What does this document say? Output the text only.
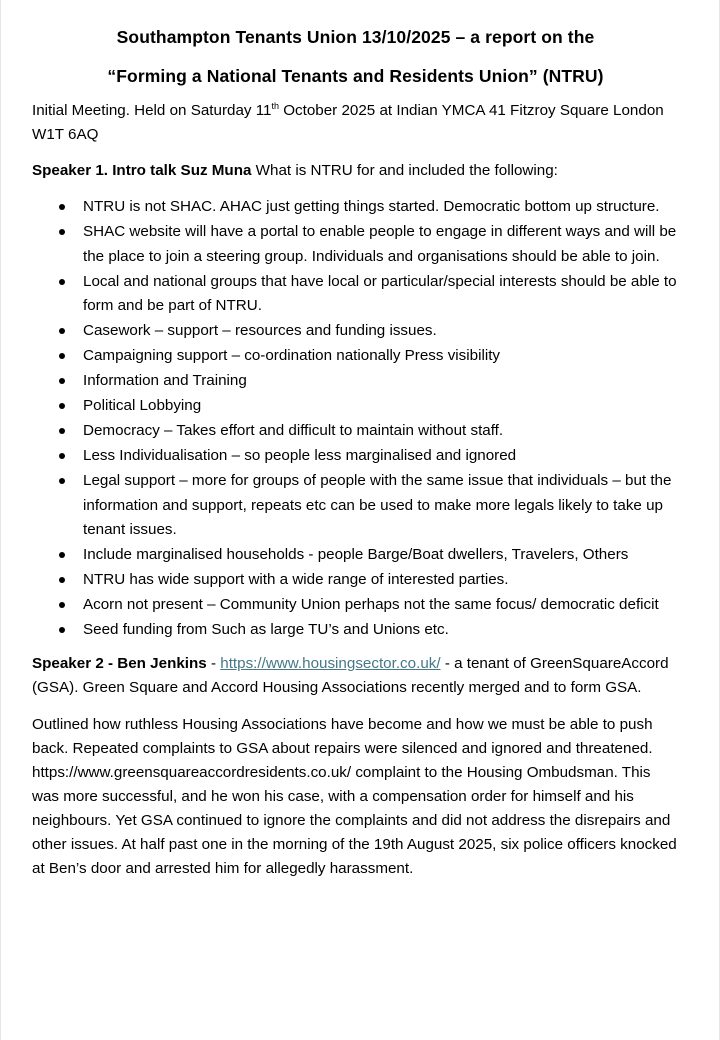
Southampton Tenants Union 13/10/2025 – a report on the
“Forming a National Tenants and Residents Union” (NTRU)

Initial Meeting. Held on Saturday 11th October 2025 at Indian YMCA 41 Fitzroy Square London W1T 6AQ

Speaker 1. Intro talk Suz Muna What is NTRU for and included the following:

NTRU is not SHAC. AHAC just getting things started. Democratic bottom up structure.
SHAC website will have a portal to enable people to engage in different ways and will be the place to join a steering group. Individuals and organisations should be able to join.
Local and national groups that have local or particular/special interests should be able to form and be part of NTRU.
Casework – support – resources and funding issues.
Campaigning support – co-ordination nationally Press visibility
Information and Training
Political Lobbying
Democracy – Takes effort and difficult to maintain without staff.
Less Individualisation – so people less marginalised and ignored
Legal support – more for groups of people with the same issue that individuals – but the information and support, repeats etc can be used to make more legals likely to take up tenant issues.
Include marginalised households - people Barge/Boat dwellers, Travelers, Others
NTRU has wide support with a wide range of interested parties.
Acorn not present – Community Union perhaps not the same focus/ democratic deficit
Seed funding from Such as large TU’s and Unions etc.

Speaker 2 - Ben Jenkins - https://www.housingsector.co.uk/ - a tenant of GreenSquareAccord (GSA). Green Square and Accord Housing Associations recently merged and to form GSA.

Outlined how ruthless Housing Associations have become and how we must be able to push back. Repeated complaints to GSA about repairs were silenced and ignored and threatened. https://www.greensquareaccordresidents.co.uk/ complaint to the Housing Ombudsman. This was more successful, and he won his case, with a compensation order for himself and his neighbours. Yet GSA continued to ignore the complaints and did not address the disrepairs and other issues. At half past one in the morning of the 19th August 2025, six police officers knocked at Ben’s door and arrested him for allegedly harassment.
